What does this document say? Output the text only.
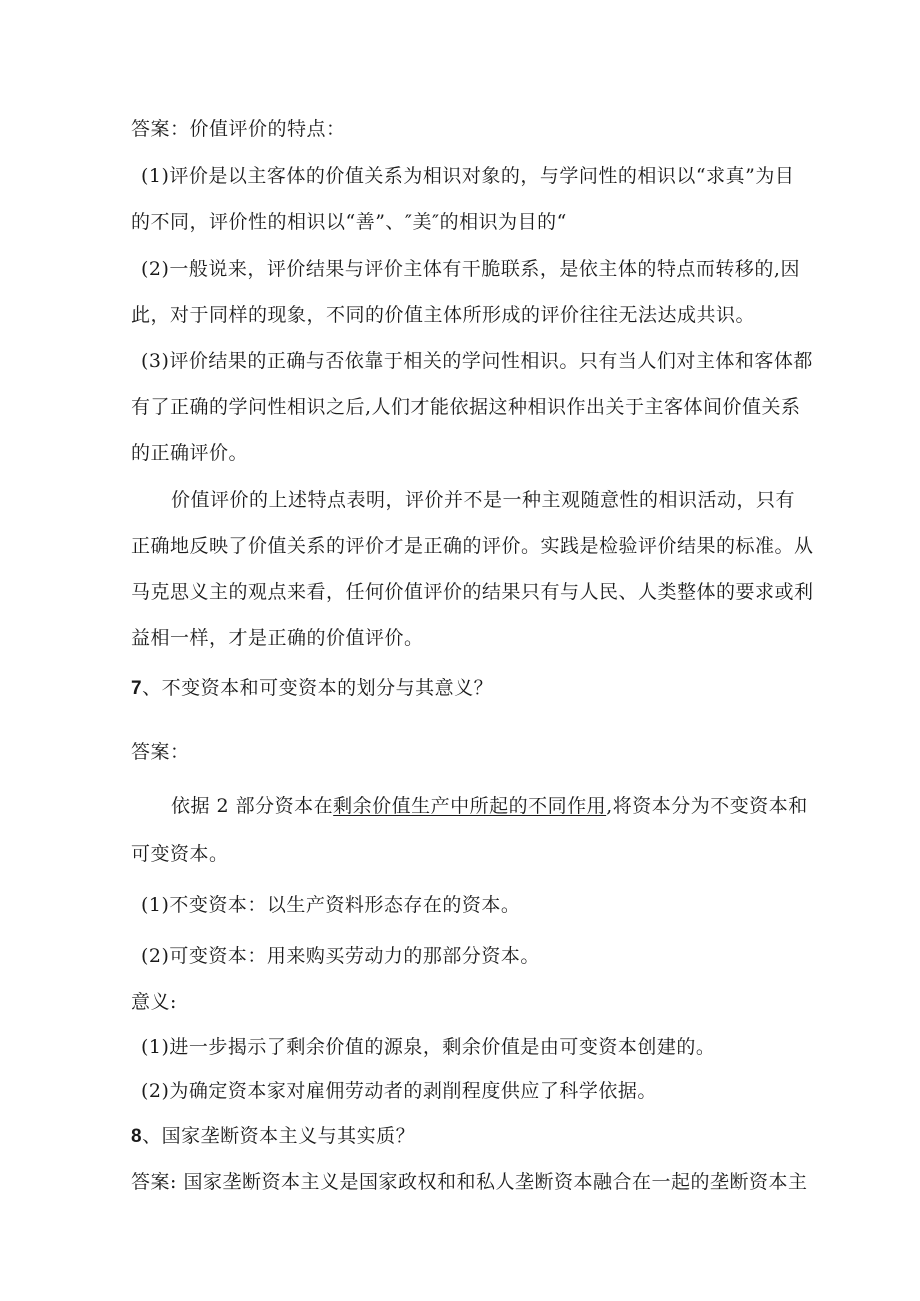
答案：价值评价的特点：
(1)评价是以主客体的价值关系为相识对象的，与学问性的相识以“求真”为目
的不同，评价性的相识以“善”、″美″的相识为目的“
(2)一般说来，评价结果与评价主体有干脆联系，是依主体的特点而转移的,因
此，对于同样的现象，不同的价值主体所形成的评价往往无法达成共识。
(3)评价结果的正确与否依靠于相关的学问性相识。只有当人们对主体和客体都
有了正确的学问性相识之后,人们才能依据这种相识作出关于主客体间价值关系
的正确评价。
价值评价的上述特点表明，评价并不是一种主观随意性的相识活动，只有
正确地反映了价值关系的评价才是正确的评价。实践是检验评价结果的标准。从
马克思义主的观点来看，任何价值评价的结果只有与人民、人类整体的要求或利
益相一样，才是正确的价值评价。
7、不变资本和可变资本的划分与其意义？
答案：
依据 2 部分资本在剩余价值生产中所起的不同作用,将资本分为不变资本和
可变资本。
(1)不变资本：以生产资料形态存在的资本。
(2)可变资本：用来购买劳动力的那部分资本。
意义:
(1)进一步揭示了剩余价值的源泉，剩余价值是由可变资本创建的。
(2)为确定资本家对雇佣劳动者的剥削程度供应了科学依据。
8、国家垄断资本主义与其实质？
答案: 国家垄断资本主义是国家政权和和私人垄断资本融合在一起的垄断资本主
